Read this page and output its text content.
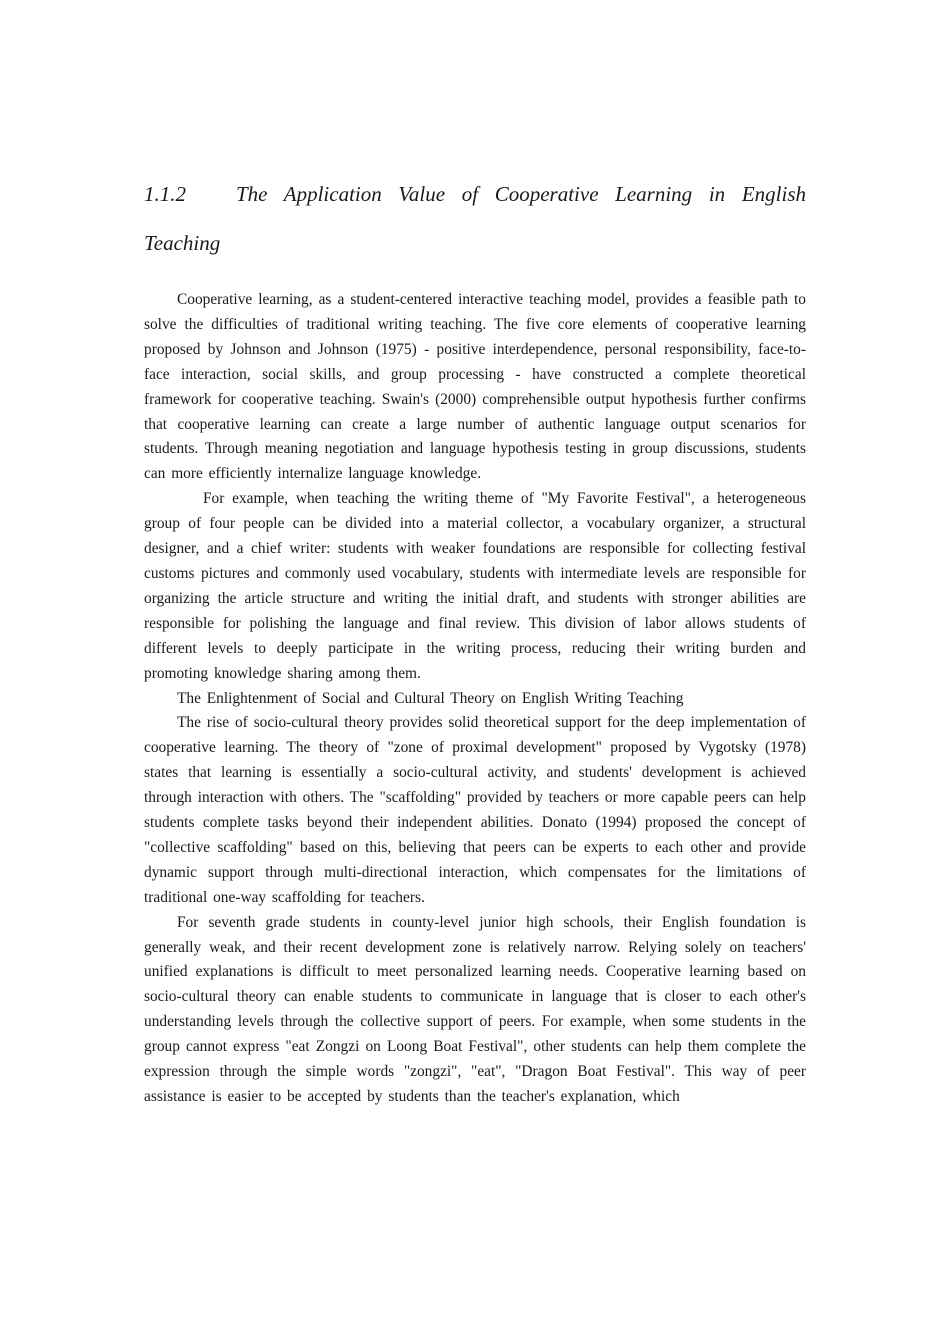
1.1.2 The Application Value of Cooperative Learning in English Teaching

Cooperative learning, as a student-centered interactive teaching model, provides a feasible path to solve the difficulties of traditional writing teaching. The five core elements of cooperative learning proposed by Johnson and Johnson (1975) - positive interdependence, personal responsibility, face-to-face interaction, social skills, and group processing - have constructed a complete theoretical framework for cooperative teaching. Swain's (2000) comprehensible output hypothesis further confirms that cooperative learning can create a large number of authentic language output scenarios for students. Through meaning negotiation and language hypothesis testing in group discussions, students can more efficiently internalize language knowledge.

For example, when teaching the writing theme of "My Favorite Festival", a heterogeneous group of four people can be divided into a material collector, a vocabulary organizer, a structural designer, and a chief writer: students with weaker foundations are responsible for collecting festival customs pictures and commonly used vocabulary, students with intermediate levels are responsible for organizing the article structure and writing the initial draft, and students with stronger abilities are responsible for polishing the language and final review. This division of labor allows students of different levels to deeply participate in the writing process, reducing their writing burden and promoting knowledge sharing among them.

The Enlightenment of Social and Cultural Theory on English Writing Teaching

The rise of socio-cultural theory provides solid theoretical support for the deep implementation of cooperative learning. The theory of "zone of proximal development" proposed by Vygotsky (1978) states that learning is essentially a socio-cultural activity, and students' development is achieved through interaction with others. The "scaffolding" provided by teachers or more capable peers can help students complete tasks beyond their independent abilities. Donato (1994) proposed the concept of "collective scaffolding" based on this, believing that peers can be experts to each other and provide dynamic support through multi-directional interaction, which compensates for the limitations of traditional one-way scaffolding for teachers.

For seventh grade students in county-level junior high schools, their English foundation is generally weak, and their recent development zone is relatively narrow. Relying solely on teachers' unified explanations is difficult to meet personalized learning needs. Cooperative learning based on socio-cultural theory can enable students to communicate in language that is closer to each other's understanding levels through the collective support of peers. For example, when some students in the group cannot express "eat Zongzi on Loong Boat Festival", other students can help them complete the expression through the simple words "zongzi", "eat", "Dragon Boat Festival". This way of peer assistance is easier to be accepted by students than the teacher's explanation, which
